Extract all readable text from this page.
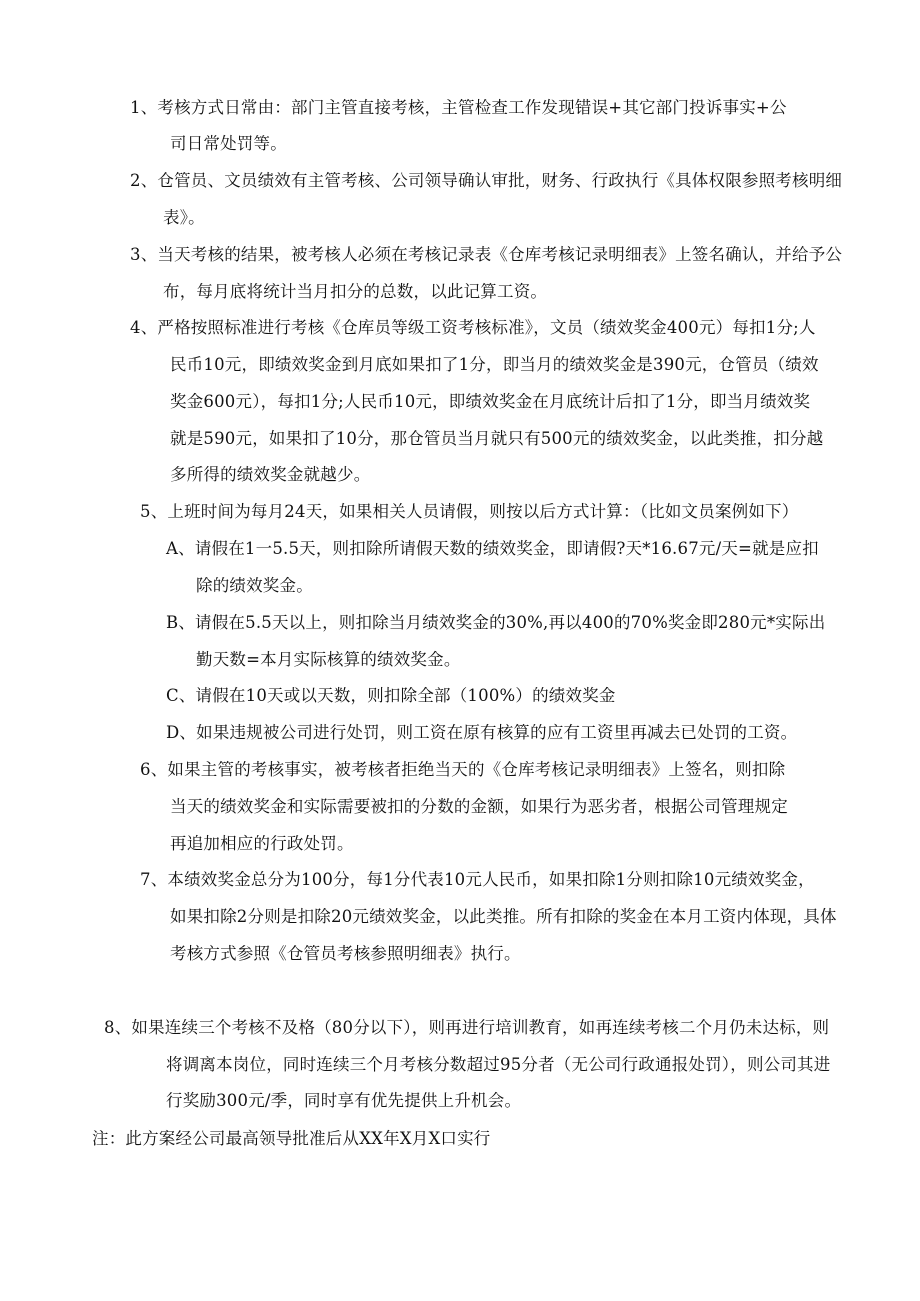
1、考核方式日常由：部门主管直接考核，主管检查工作发现错误+其它部门投诉事实+公
司日常处罚等。
2、仓管员、文员绩效有主管考核、公司领导确认审批，财务、行政执行《具体权限参照考核明细
表》。
3、当天考核的结果，被考核人必须在考核记录表《仓库考核记录明细表》上签名确认，并给予公
布，每月底将统计当月扣分的总数，以此记算工资。
4、严格按照标准进行考核《仓库员等级工资考核标准》，文员（绩效奖金400元）每扣1分;人
民币10元，即绩效奖金到月底如果扣了1分，即当月的绩效奖金是390元，仓管员（绩效
奖金600元），每扣1分;人民币10元，即绩效奖金在月底统计后扣了1分，即当月绩效奖
就是590元，如果扣了10分，那仓管员当月就只有500元的绩效奖金，以此类推，扣分越
多所得的绩效奖金就越少。
5、上班时间为每月24天，如果相关人员请假，则按以后方式计算：（比如文员案例如下）
A、请假在1一5.5天，则扣除所请假天数的绩效奖金，即请假?天*16.67元/天=就是应扣
除的绩效奖金。
B、请假在5.5天以上，则扣除当月绩效奖金的30%,再以400的70%奖金即280元*实际出
勤天数=本月实际核算的绩效奖金。
C、请假在10天或以天数，则扣除全部（100%）的绩效奖金
D、如果违规被公司进行处罚，则工资在原有核算的应有工资里再减去已处罚的工资。
6、如果主管的考核事实，被考核者拒绝当天的《仓库考核记录明细表》上签名，则扣除
当天的绩效奖金和实际需要被扣的分数的金额，如果行为恶劣者，根据公司管理规定
再追加相应的行政处罚。
7、本绩效奖金总分为100分，每1分代表10元人民币，如果扣除1分则扣除10元绩效奖金，
如果扣除2分则是扣除20元绩效奖金，以此类推。所有扣除的奖金在本月工资内体现，具体
考核方式参照《仓管员考核参照明细表》执行。
8、如果连续三个考核不及格（80分以下），则再进行培训教育，如再连续考核二个月仍未达标，则
将调离本岗位，同时连续三个月考核分数超过95分者（无公司行政通报处罚），则公司其进
行奖励300元/季，同时享有优先提供上升机会。
注：此方案经公司最高领导批准后从XX年X月X口实行
